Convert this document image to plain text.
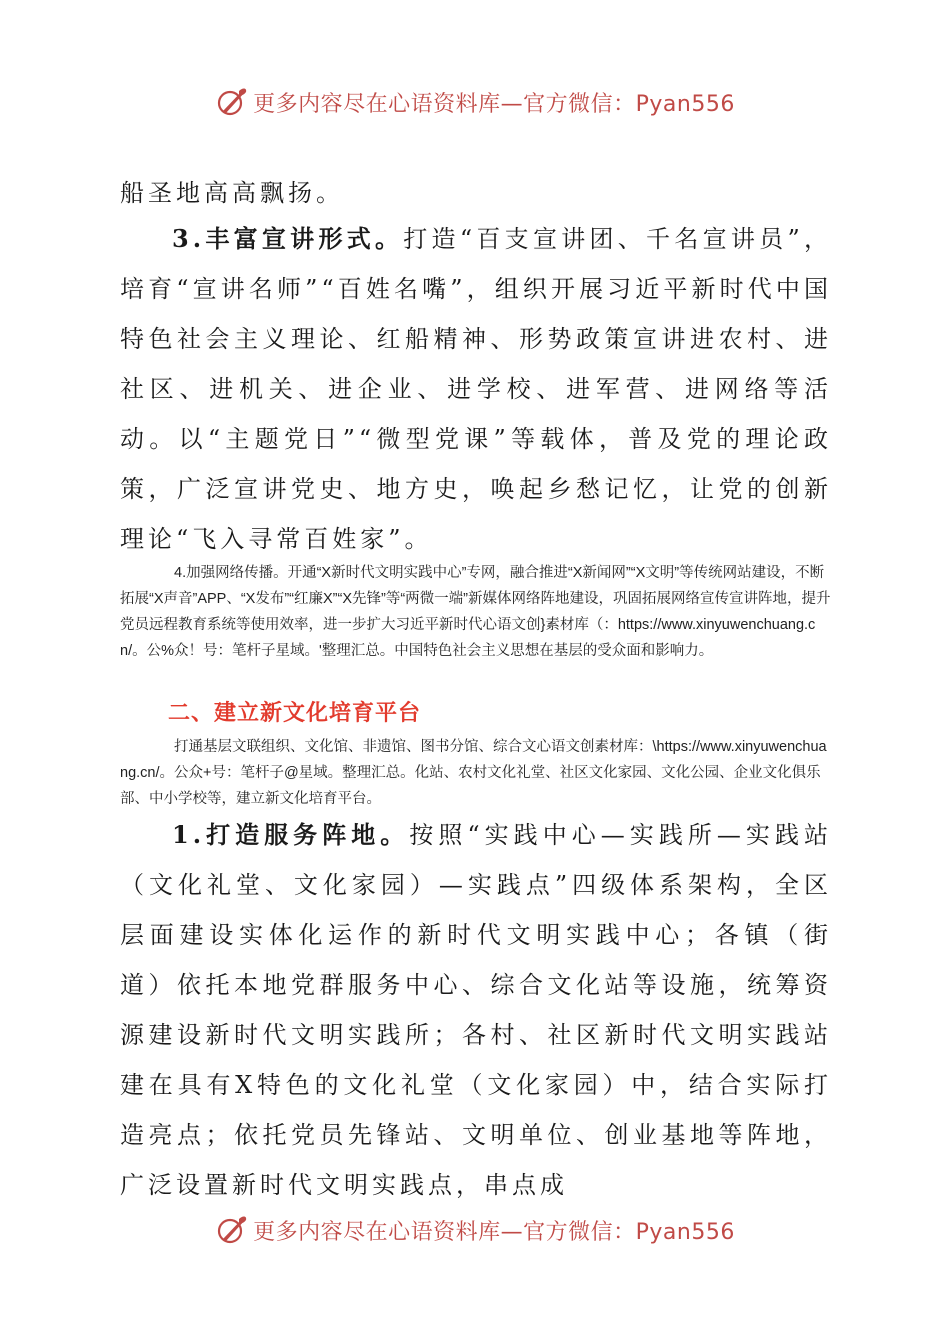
更多内容尽在心语资料库—官方微信：Pyan556

船圣地高高飘扬。

3.丰富宣讲形式。打造“百支宣讲团、千名宣讲员”，培育“宣讲名师”“百姓名嘴”，组织开展习近平新时代中国特色社会主义理论、红船精神、形势政策宣讲进农村、进社区、进机关、进企业、进学校、进军营、进网络等活动。以“主题党日”“微型党课”等载体，普及党的理论政策，广泛宣讲党史、地方史，唤起乡愁记忆，让党的创新理论“飞入寻常百姓家”。

4.加强网络传播。开通“X新时代文明实践中心”专网，融合推进“X新闻网”“X文明”等传统网站建设，不断拓展“X声音”APP、“X发布”“红廉X”“X先锋”等“两微一端”新媒体网络阵地建设，巩固拓展网络宣传宣讲阵地，提升党员远程教育系统等使用效率，进一步扩大习近平新时代心语文创}素材库（：https://www.xinyuwenchuang.cn/。公%众！号：笔杆子星域。'整理汇总。中国特色社会主义思想在基层的受众面和影响力。

二、建立新文化培育平台

打通基层文联组织、文化馆、非遗馆、图书分馆、综合文心语文创素材库：\https://www.xinyuwenchuang.cn/。公众+号：笔杆子@星域。整理汇总。化站、农村文化礼堂、社区文化家园、文化公园、企业文化俱乐部、中小学校等，建立新文化培育平台。

1.打造服务阵地。按照“实践中心—实践所—实践站（文化礼堂、文化家园）—实践点”四级体系架构，全区层面建设实体化运作的新时代文明实践中心；各镇（街道）依托本地党群服务中心、综合文化站等设施，统筹资源建设新时代文明实践所；各村、社区新时代文明实践站建在具有X特色的文化礼堂（文化家园）中，结合实际打造亮点；依托党员先锋站、文明单位、创业基地等阵地，广泛设置新时代文明实践点，串点成

更多内容尽在心语资料库—官方微信：Pyan556
